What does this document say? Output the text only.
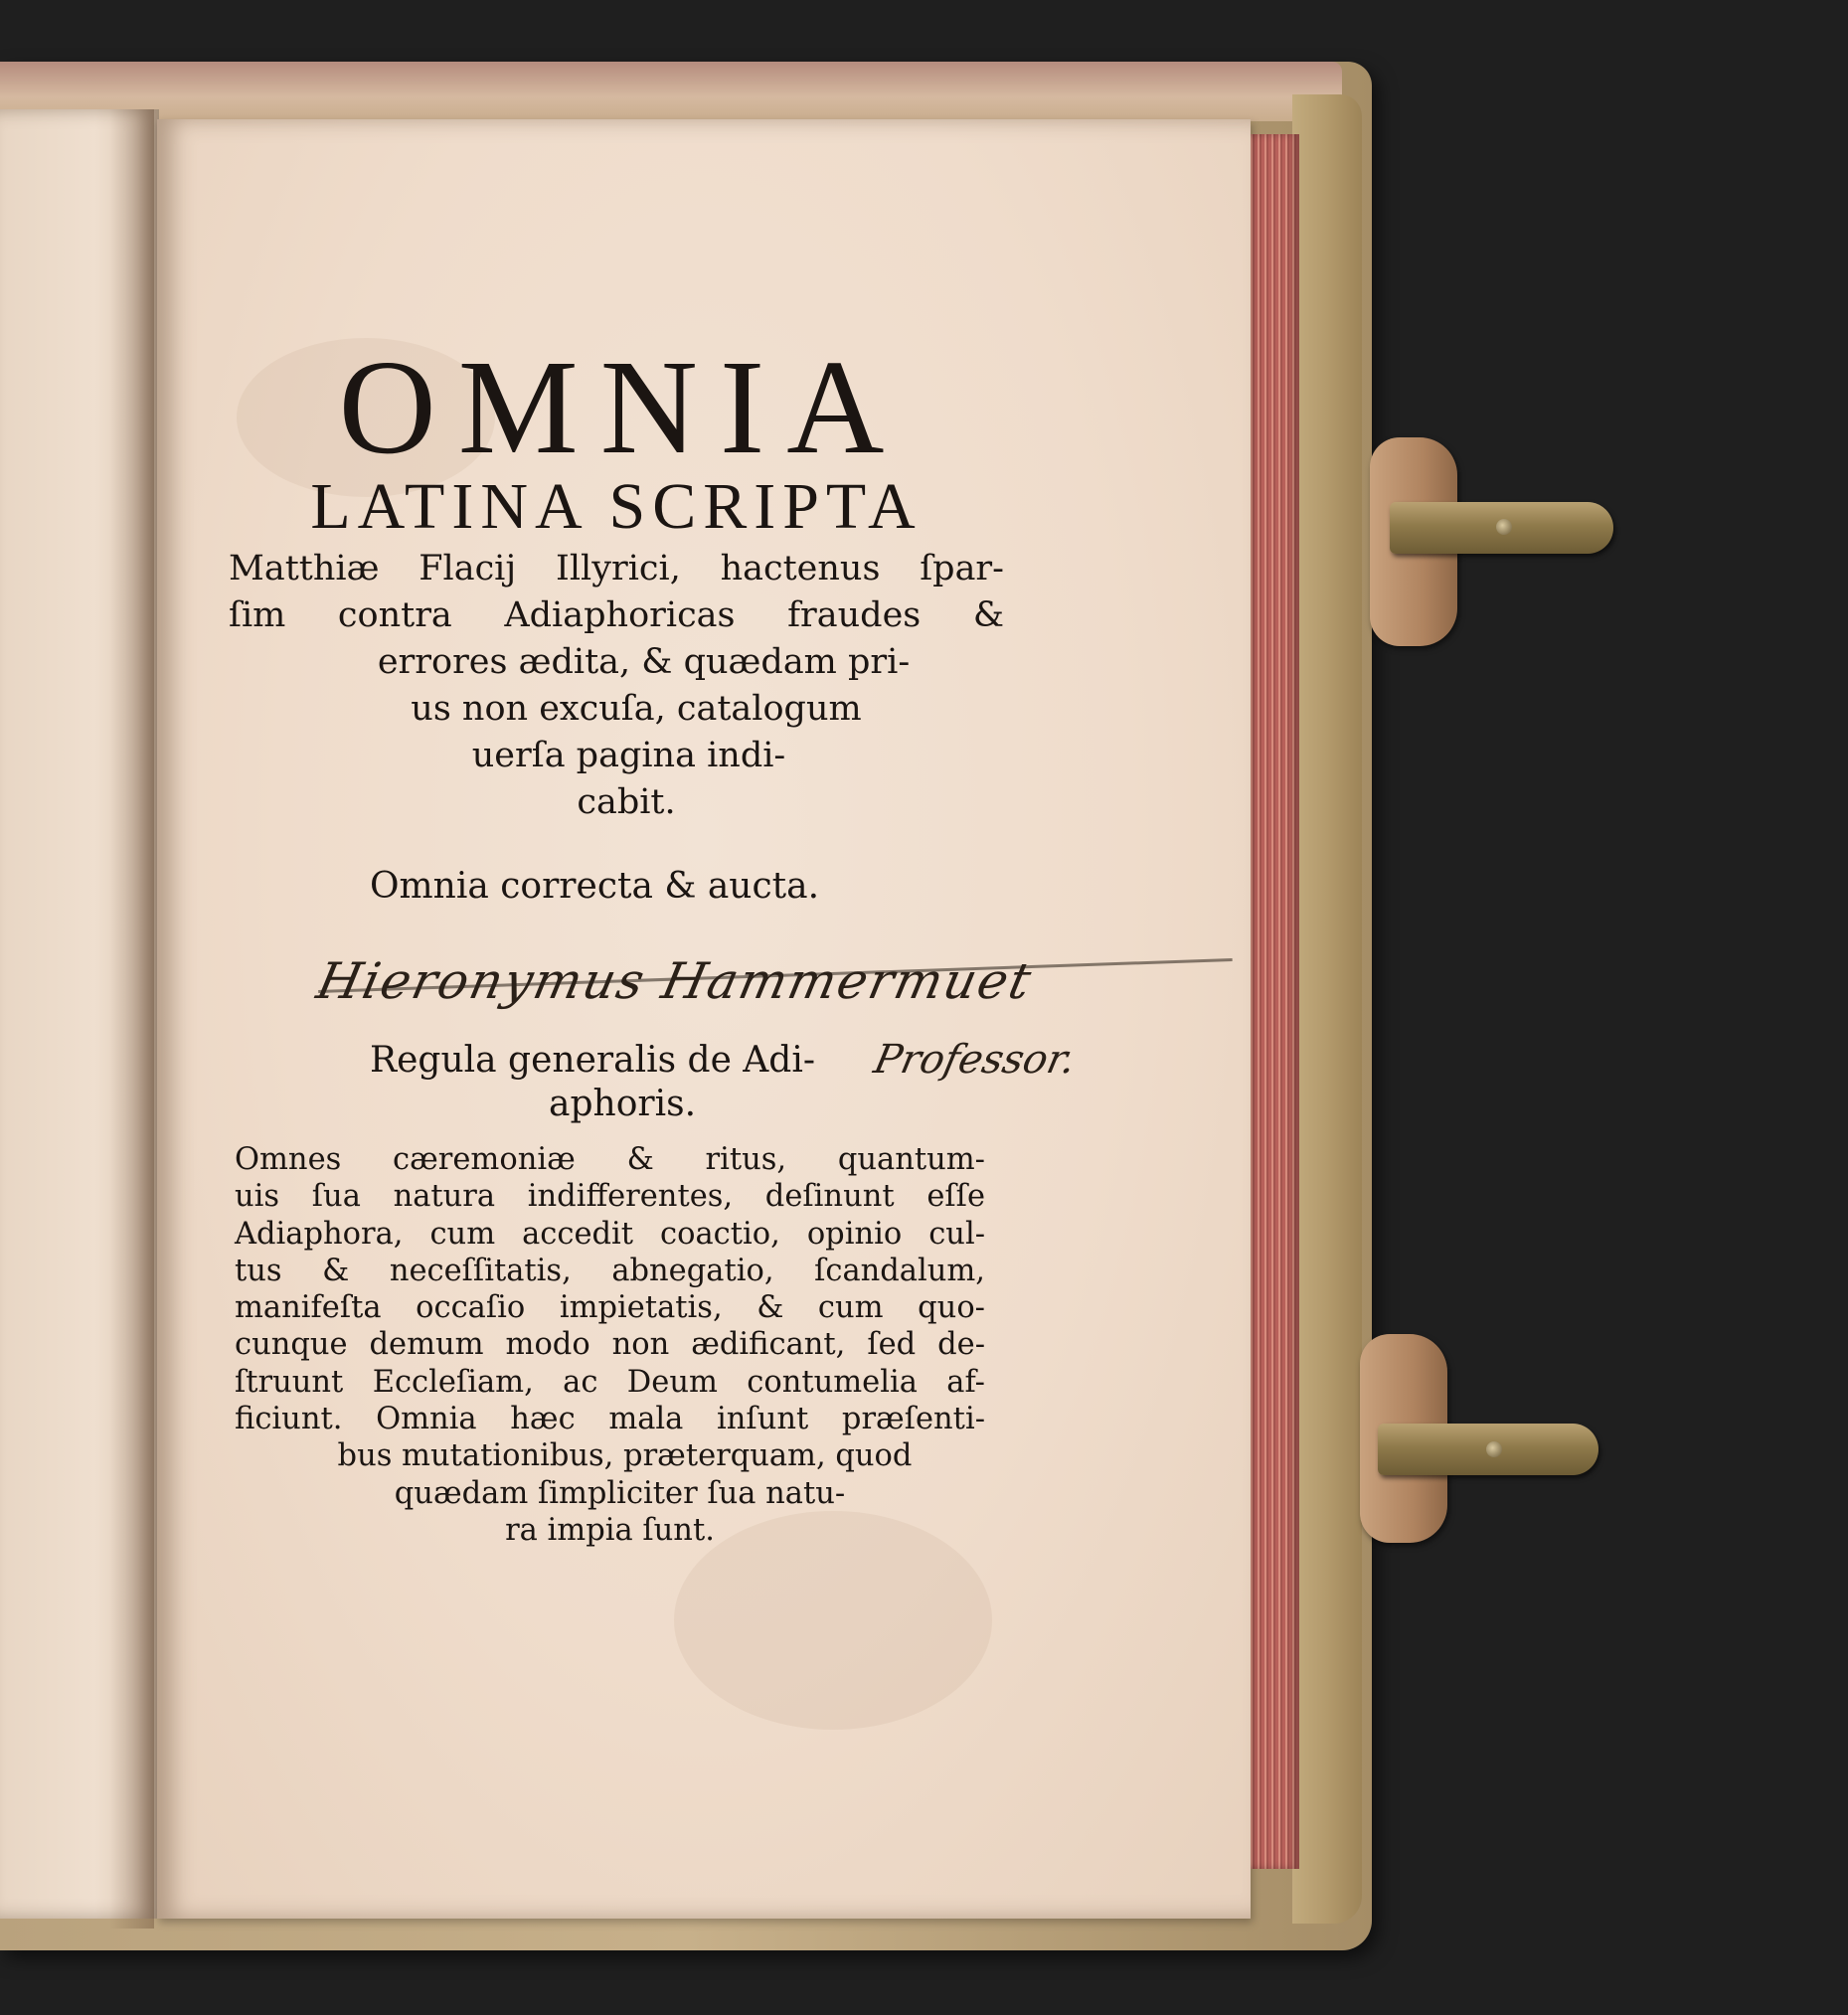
OMNIA
LATINA SCRIPTA
Matthiæ Flacij Illyrici, hactenus ſpar-
ſim contra Adiaphoricas fraudes &
errores ædita, & quædam pri-
us non excuſa, catalogum
uerſa pagina indi-
cabit.
Omnia correcta & aucta.
Hieronymus Hammermuet
Professor.
Regula generalis de Adi-
aphoris.
Omnes cæremoniæ & ritus, quantum-
uis ſua natura indifferentes, deſinunt eſſe
Adiaphora, cum accedit coactio, opinio cul-
tus & neceſſitatis, abnegatio, ſcandalum,
manifeſta occaſio impietatis, & cum quo-
cunque demum modo non ædificant, ſed de-
ſtruunt Eccleſiam, ac Deum contumelia af-
ficiunt. Omnia hæc mala inſunt præſenti-
bus mutationibus, præterquam, quod
quædam ſimpliciter ſua natu-
ra impia ſunt.
